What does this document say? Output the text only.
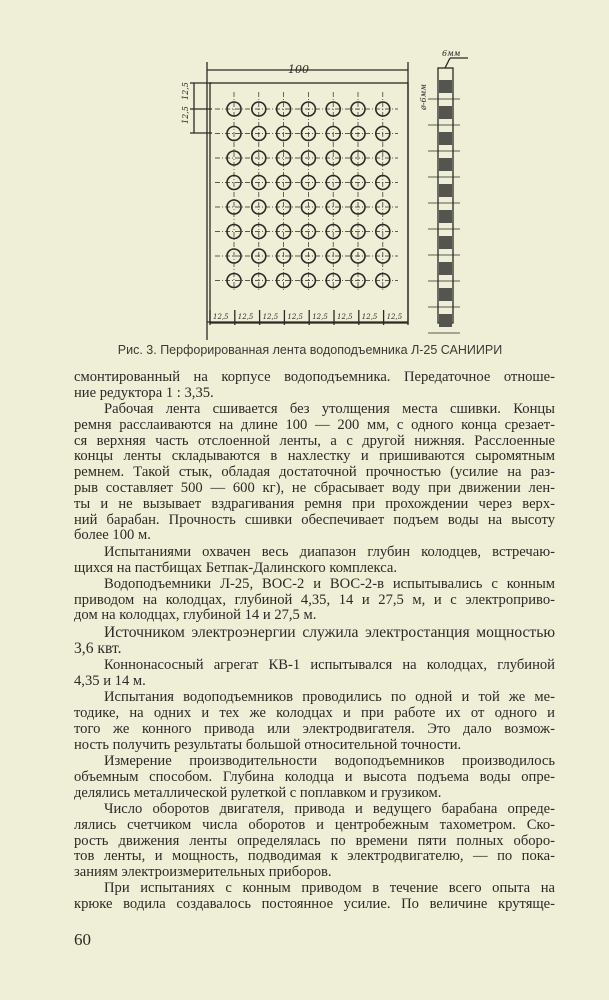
100
12,5
12,5
12,5 12,5 12,5 12,5 12,5 12,5 12,5 12,5
6мм
ø-6мм
Рис. 3. Перфорированная лента водоподъемника Л-25 САНИИРИ
смонтированный на корпусе водоподъемника. Передаточное отноше-
ние редуктора 1 : 3,35.
Рабочая лента сшивается без утолщения места сшивки. Концы
ремня расслаиваются на длине 100 — 200 мм, с одного конца срезает-
ся верхняя часть отслоенной ленты, а с другой нижняя. Расслоенные
концы ленты складываются в нахлестку и пришиваются сыромятным
ремнем. Такой стык, обладая достаточной прочностью (усилие на раз-
рыв составляет 500 — 600 кг), не сбрасывает воду при движении лен-
ты и не вызывает вздрагивания ремня при прохождении через верх-
ний барабан. Прочность сшивки обеспечивает подъем воды на высоту
более 100 м.
Испытаниями охвачен весь диапазон глубин колодцев, встречаю-
щихся на пастбищах Бетпак-Далинского комплекса.
Водоподъемники Л-25, ВОС-2 и ВОС-2-в испытывались с конным
приводом на колодцах, глубиной 4,35, 14 и 27,5 м, и с электроприво-
дом на колодцах, глубиной 14 и 27,5 м.
Источником электроэнергии служила электростанция мощностью
3,6 квт.
Коннонасосный агрегат КВ-1 испытывался на колодцах, глубиной
4,35 и 14 м.
Испытания водоподъемников проводились по одной и той же ме-
тодике, на одних и тех же колодцах и при работе их от одного и
того же конного привода или электродвигателя. Это дало возмож-
ность получить результаты большой относительной точности.
Измерение производительности водоподъемников производилось
объемным способом. Глубина колодца и высота подъема воды опре-
делялись металлической рулеткой с поплавком и грузиком.
Число оборотов двигателя, привода и ведущего барабана опреде-
лялись счетчиком числа оборотов и центробежным тахометром. Ско-
рость движения ленты определялась по времени пяти полных оборо-
тов ленты, и мощность, подводимая к электродвигателю, — по пока-
заниям электроизмерительных приборов.
При испытаниях с конным приводом в течение всего опыта на
крюке водила создавалось постоянное усилие. По величине крутяще-
60
